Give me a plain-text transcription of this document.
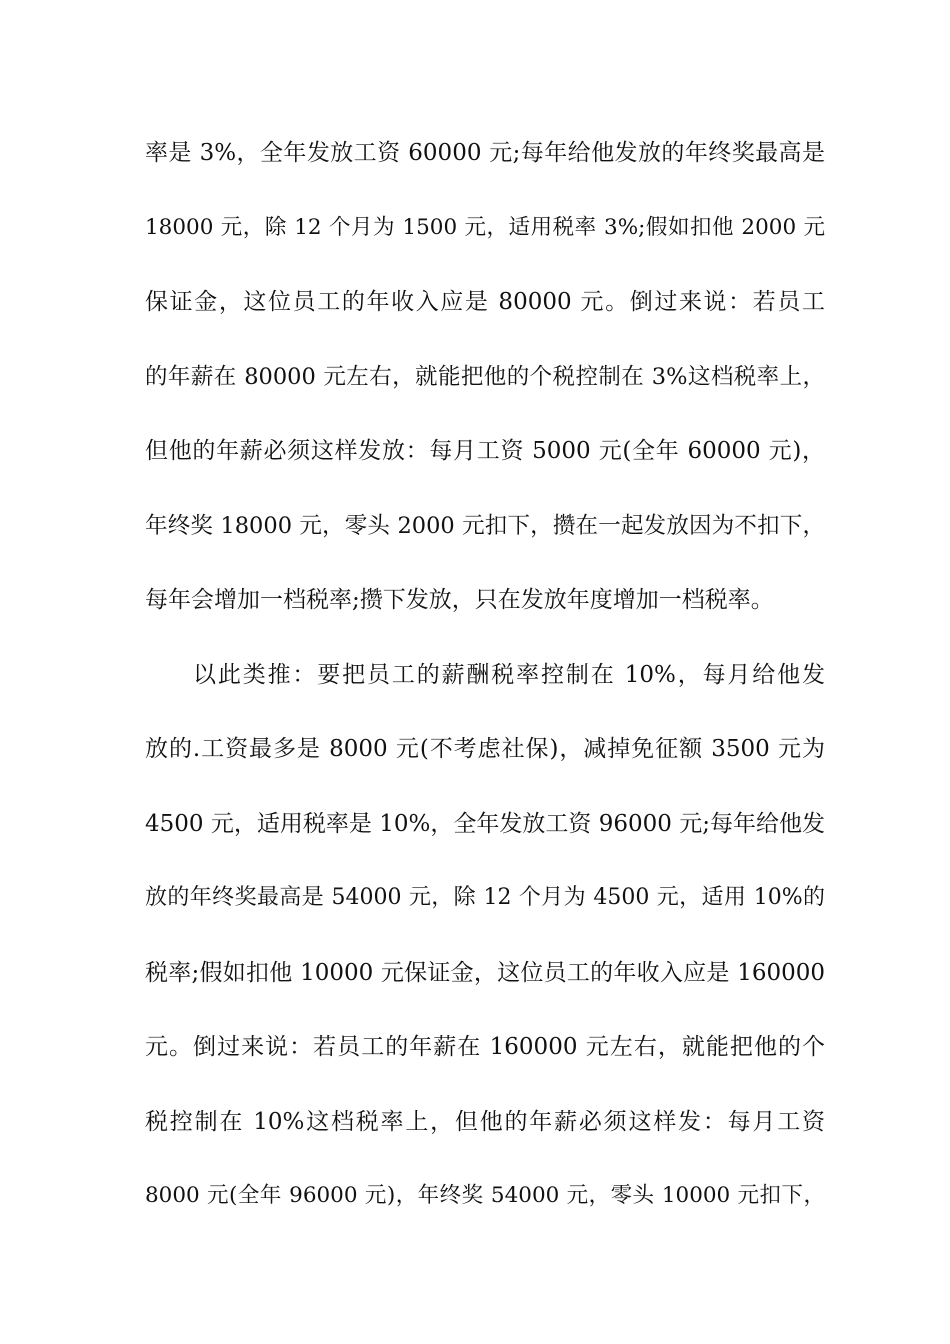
率是 3%，全年发放工资 60000 元;每年给他发放的年终奖最高是
18000 元，除 12 个月为 1500 元，适用税率 3%;假如扣他 2000 元
保证金，这位员工的年收入应是 80000 元。倒过来说：若员工
的年薪在 80000 元左右，就能把他的个税控制在 3%这档税率上，
但他的年薪必须这样发放：每月工资 5000 元(全年 60000 元)，
年终奖 18000 元，零头 2000 元扣下，攒在一起发放因为不扣下，
每年会增加一档税率;攒下发放，只在发放年度增加一档税率。
以此类推：要把员工的薪酬税率控制在 10%，每月给他发
放的.工资最多是 8000 元(不考虑社保)，减掉免征额 3500 元为
4500 元，适用税率是 10%，全年发放工资 96000 元;每年给他发
放的年终奖最高是 54000 元，除 12 个月为 4500 元，适用 10%的
税率;假如扣他 10000 元保证金，这位员工的年收入应是 160000
元。倒过来说：若员工的年薪在 160000 元左右，就能把他的个
税控制在 10%这档税率上，但他的年薪必须这样发：每月工资
8000 元(全年 96000 元)，年终奖 54000 元，零头 10000 元扣下，
